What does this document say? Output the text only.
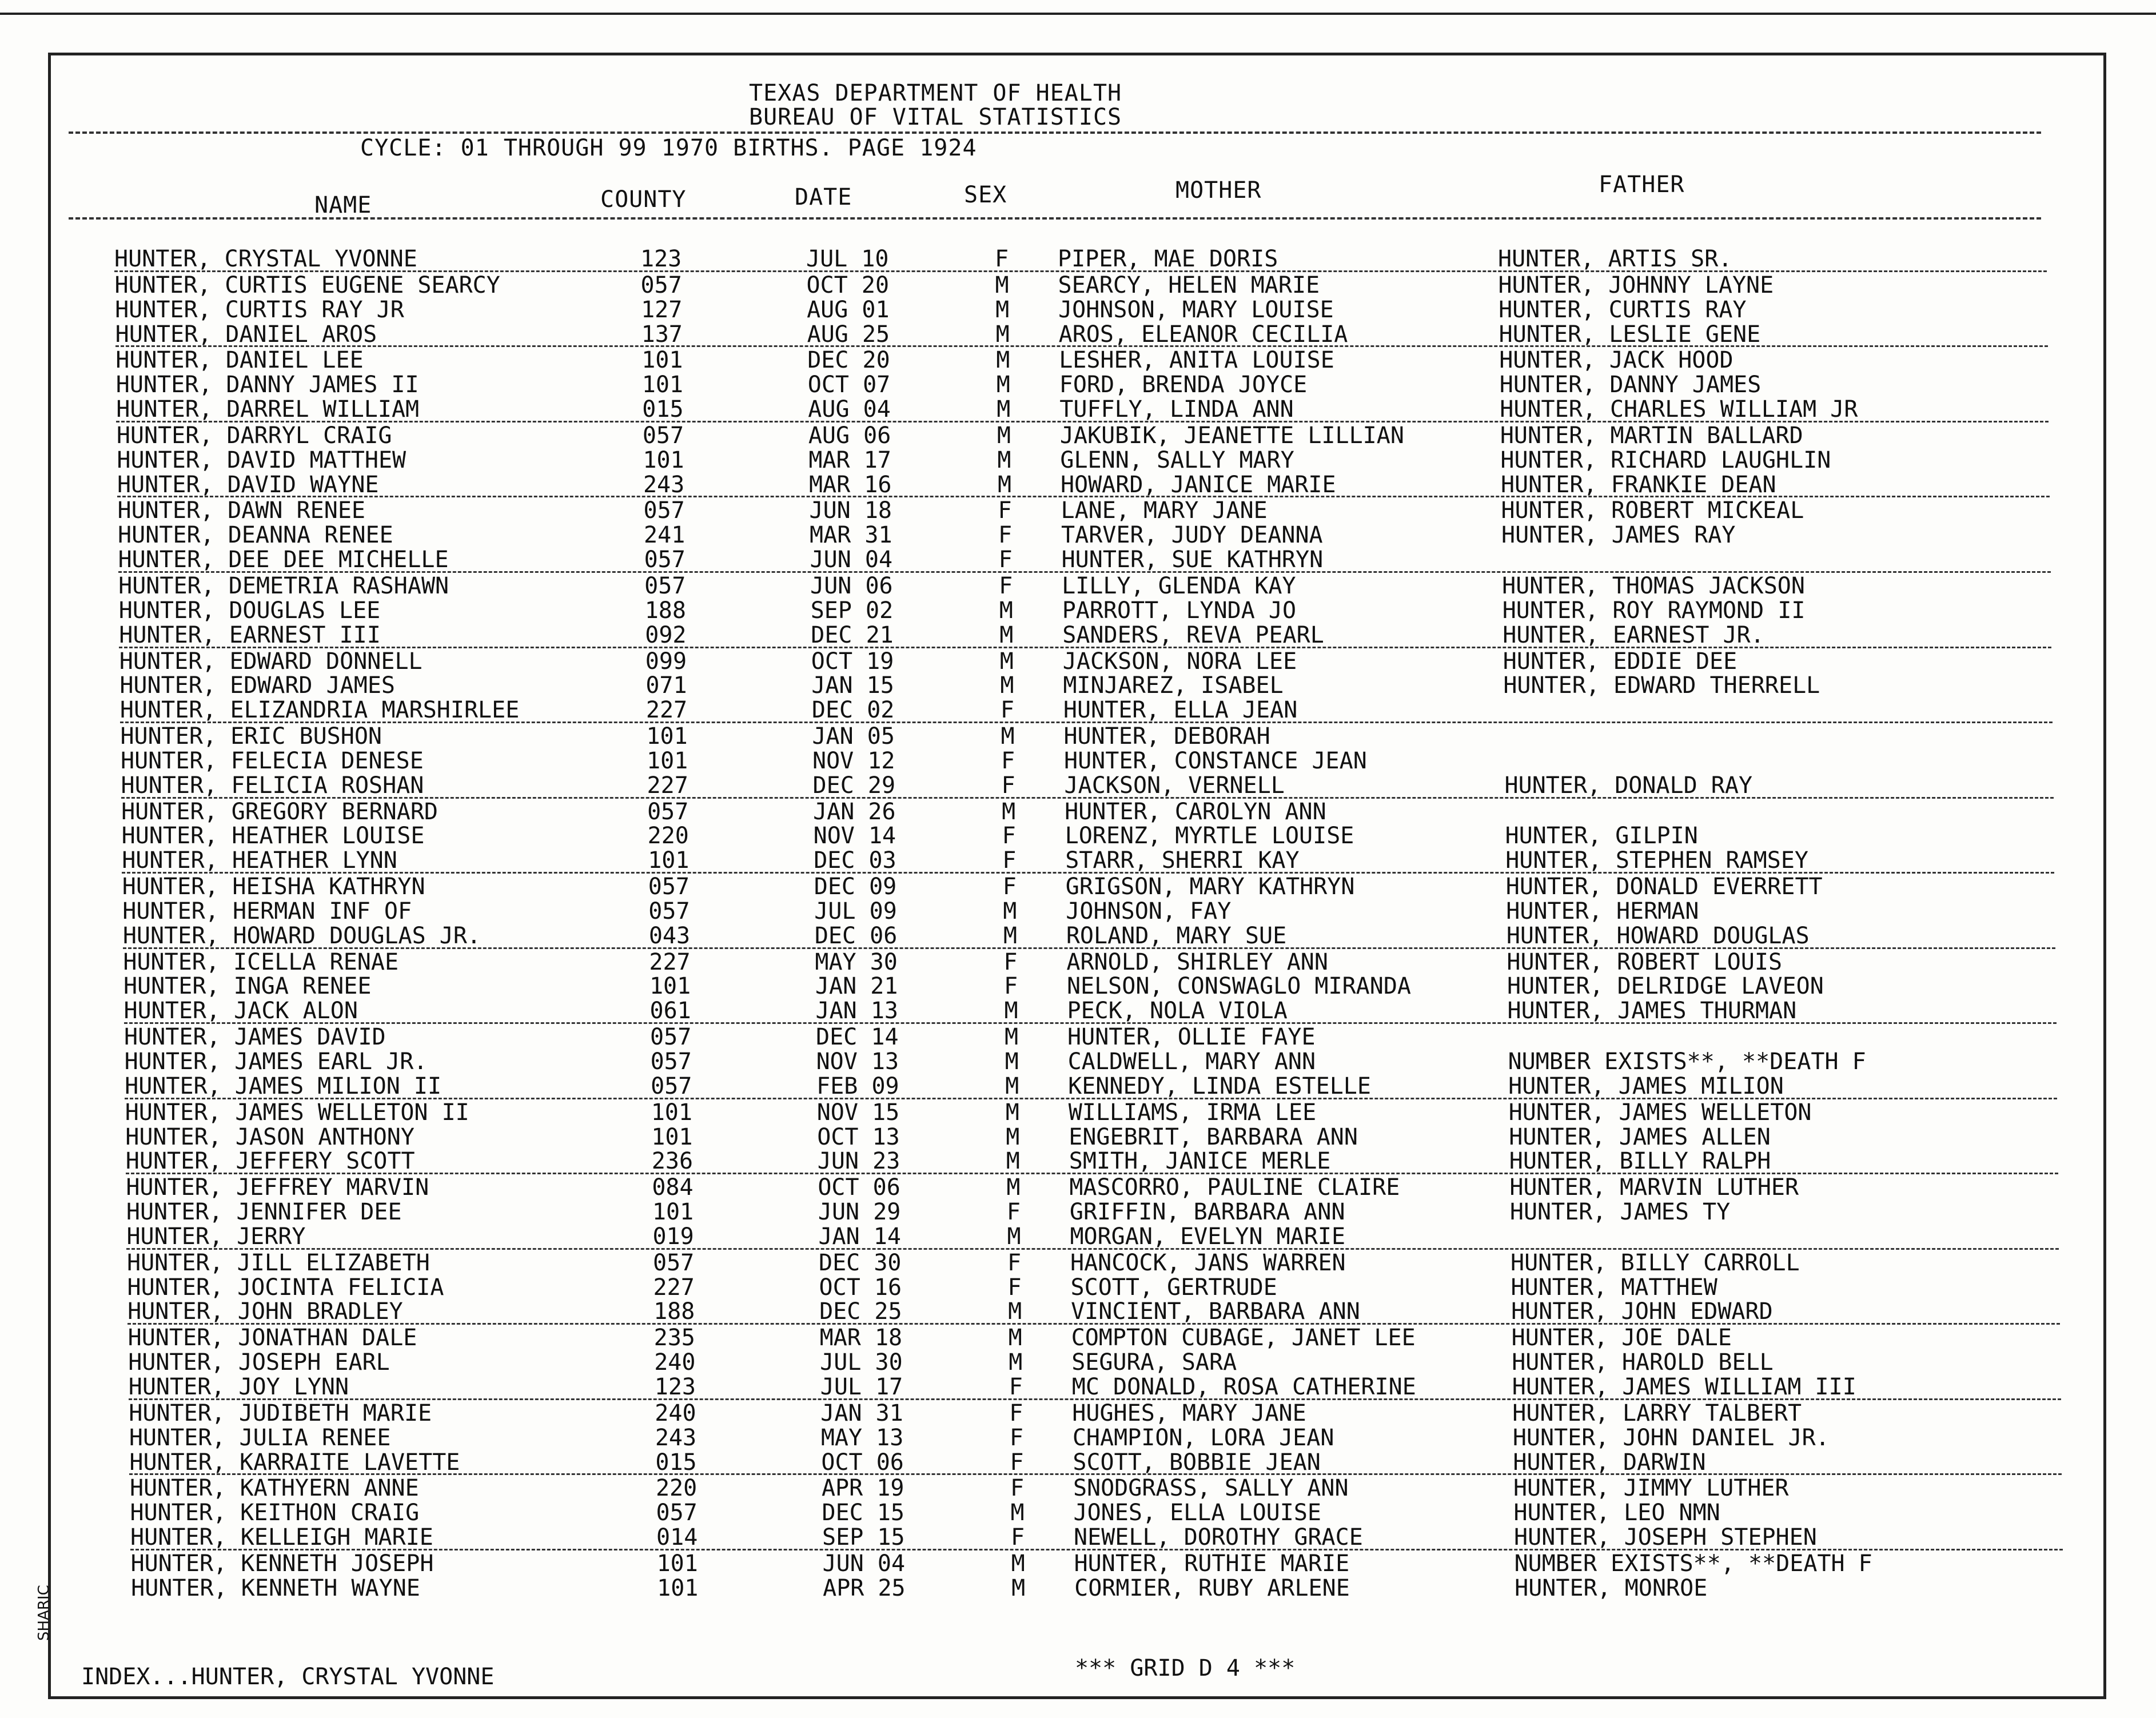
TEXAS DEPARTMENT OF HEALTH
BUREAU OF VITAL STATISTICS
CYCLE: 01 THROUGH 99 1970 BIRTHS. PAGE 1924
NAME	COUNTY	DATE	SEX	MOTHER	FATHER
HUNTER, CRYSTAL YVONNE	123	JUL 10	F PIPER, MAE DORIS	HUNTER, ARTIS SR.
HUNTER, CURTIS EUGENE SEARCY	057	OCT 20	M SEARCY, HELEN MARIE	HUNTER, JOHNNY LAYNE
HUNTER, CURTIS RAY JR	127	AUG 01	M JOHNSON, MARY LOUISE	HUNTER, CURTIS RAY
HUNTER, DANIEL AROS	137	AUG 25	M AROS, ELEANOR CECILIA	HUNTER, LESLIE GENE
HUNTER, DANIEL LEE	101	DEC 20	M LESHER, ANITA LOUISE	HUNTER, JACK HOOD
HUNTER, DANNY JAMES II	101	OCT 07	M FORD, BRENDA JOYCE	HUNTER, DANNY JAMES
HUNTER, DARREL WILLIAM	015	AUG 04	M TUFFLY, LINDA ANN	HUNTER, CHARLES WILLIAM JR
HUNTER, DARRYL CRAIG	057	AUG 06	M JAKUBIK, JEANETTE LILLIAN	HUNTER, MARTIN BALLARD
HUNTER, DAVID MATTHEW	101	MAR 17	M GLENN, SALLY MARY	HUNTER, RICHARD LAUGHLIN
HUNTER, DAVID WAYNE	243	MAR 16	M HOWARD, JANICE MARIE	HUNTER, FRANKIE DEAN
HUNTER, DAWN RENEE	057	JUN 18	F LANE, MARY JANE	HUNTER, ROBERT MICKEAL
HUNTER, DEANNA RENEE	241	MAR 31	F TARVER, JUDY DEANNA	HUNTER, JAMES RAY
HUNTER, DEE DEE MICHELLE	057	JUN 04	F HUNTER, SUE KATHRYN
HUNTER, DEMETRIA RASHAWN	057	JUN 06	F LILLY, GLENDA KAY	HUNTER, THOMAS JACKSON
HUNTER, DOUGLAS LEE	188	SEP 02	M PARROTT, LYNDA JO	HUNTER, ROY RAYMOND II
HUNTER, EARNEST III	092	DEC 21	M SANDERS, REVA PEARL	HUNTER, EARNEST JR.
HUNTER, EDWARD DONNELL	099	OCT 19	M JACKSON, NORA LEE	HUNTER, EDDIE DEE
HUNTER, EDWARD JAMES	071	JAN 15	M MINJAREZ, ISABEL	HUNTER, EDWARD THERRELL
HUNTER, ELIZANDRIA MARSHIRLEE	227	DEC 02	F HUNTER, ELLA JEAN
HUNTER, ERIC BUSHON	101	JAN 05	M HUNTER, DEBORAH
HUNTER, FELECIA DENESE	101	NOV 12	F HUNTER, CONSTANCE JEAN
HUNTER, FELICIA ROSHAN	227	DEC 29	F JACKSON, VERNELL	HUNTER, DONALD RAY
HUNTER, GREGORY BERNARD	057	JAN 26	M HUNTER, CAROLYN ANN
HUNTER, HEATHER LOUISE	220	NOV 14	F LORENZ, MYRTLE LOUISE	HUNTER, GILPIN
HUNTER, HEATHER LYNN	101	DEC 03	F STARR, SHERRI KAY	HUNTER, STEPHEN RAMSEY
HUNTER, HEISHA KATHRYN	057	DEC 09	F GRIGSON, MARY KATHRYN	HUNTER, DONALD EVERRETT
HUNTER, HERMAN INF OF	057	JUL 09	M JOHNSON, FAY	HUNTER, HERMAN
HUNTER, HOWARD DOUGLAS JR.	043	DEC 06	M ROLAND, MARY SUE	HUNTER, HOWARD DOUGLAS
HUNTER, ICELLA RENAE	227	MAY 30	F ARNOLD, SHIRLEY ANN	HUNTER, ROBERT LOUIS
HUNTER, INGA RENEE	101	JAN 21	F NELSON, CONSWAGLO MIRANDA	HUNTER, DELRIDGE LAVEON
HUNTER, JACK ALON	061	JAN 13	M PECK, NOLA VIOLA	HUNTER, JAMES THURMAN
HUNTER, JAMES DAVID	057	DEC 14	M HUNTER, OLLIE FAYE
HUNTER, JAMES EARL JR.	057	NOV 13	M CALDWELL, MARY ANN	NUMBER EXISTS**, **DEATH F
HUNTER, JAMES MILION II	057	FEB 09	M KENNEDY, LINDA ESTELLE	HUNTER, JAMES MILION
HUNTER, JAMES WELLETON II	101	NOV 15	M WILLIAMS, IRMA LEE	HUNTER, JAMES WELLETON
HUNTER, JASON ANTHONY	101	OCT 13	M ENGEBRIT, BARBARA ANN	HUNTER, JAMES ALLEN
HUNTER, JEFFERY SCOTT	236	JUN 23	M SMITH, JANICE MERLE	HUNTER, BILLY RALPH
HUNTER, JEFFREY MARVIN	084	OCT 06	M MASCORRO, PAULINE CLAIRE	HUNTER, MARVIN LUTHER
HUNTER, JENNIFER DEE	101	JUN 29	F GRIFFIN, BARBARA ANN	HUNTER, JAMES TY
HUNTER, JERRY	019	JAN 14	M MORGAN, EVELYN MARIE
HUNTER, JILL ELIZABETH	057	DEC 30	F HANCOCK, JANS WARREN	HUNTER, BILLY CARROLL
HUNTER, JOCINTA FELICIA	227	OCT 16	F SCOTT, GERTRUDE	HUNTER, MATTHEW
HUNTER, JOHN BRADLEY	188	DEC 25	M VINCIENT, BARBARA ANN	HUNTER, JOHN EDWARD
HUNTER, JONATHAN DALE	235	MAR 18	M COMPTON CUBAGE, JANET LEE	HUNTER, JOE DALE
HUNTER, JOSEPH EARL	240	JUL 30	M SEGURA, SARA	HUNTER, HAROLD BELL
HUNTER, JOY LYNN	123	JUL 17	F MC DONALD, ROSA CATHERINE	HUNTER, JAMES WILLIAM III
HUNTER, JUDIBETH MARIE	240	JAN 31	F HUGHES, MARY JANE	HUNTER, LARRY TALBERT
HUNTER, JULIA RENEE	243	MAY 13	F CHAMPION, LORA JEAN	HUNTER, JOHN DANIEL JR.
HUNTER, KARRAITE LAVETTE	015	OCT 06	F SCOTT, BOBBIE JEAN	HUNTER, DARWIN
HUNTER, KATHYERN ANNE	220	APR 19	F SNODGRASS, SALLY ANN	HUNTER, JIMMY LUTHER
HUNTER, KEITHON CRAIG	057	DEC 15	M JONES, ELLA LOUISE	HUNTER, LEO NMN
HUNTER, KELLEIGH MARIE	014	SEP 15	F NEWELL, DOROTHY GRACE	HUNTER, JOSEPH STEPHEN
HUNTER, KENNETH JOSEPH	101	JUN 04	M HUNTER, RUTHIE MARIE	NUMBER EXISTS**, **DEATH F
HUNTER, KENNETH WAYNE	101	APR 25	M CORMIER, RUBY ARLENE	HUNTER, MONROE
INDEX...HUNTER, CRYSTAL YVONNE	*** GRID D 4 ***
SHARIC
